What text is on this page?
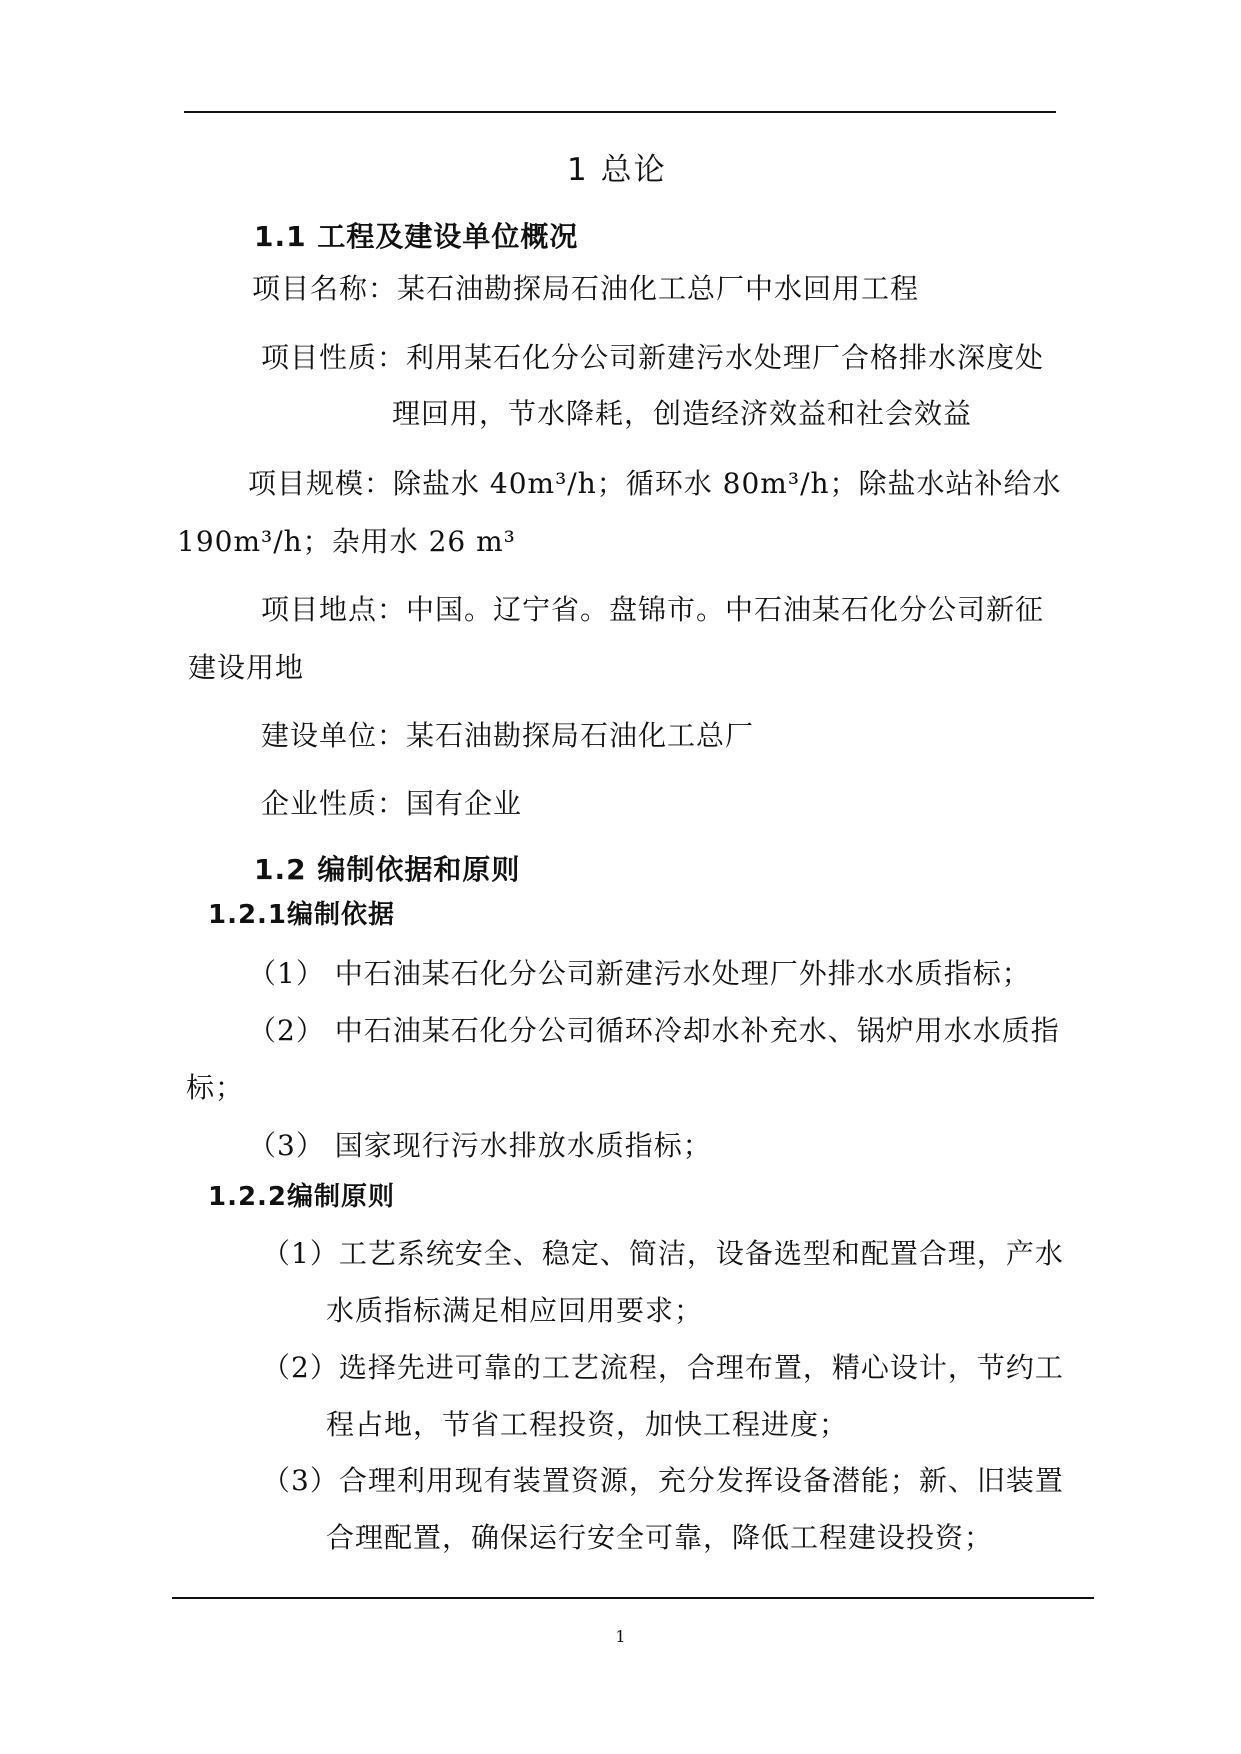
1 总论
1.1 工程及建设单位概况
项目名称：某石油勘探局石油化工总厂中水回用工程
项目性质：利用某石化分公司新建污水处理厂合格排水深度处
理回用，节水降耗，创造经济效益和社会效益
项目规模：除盐水 40m³/h；循环水 80m³/h；除盐水站补给水
190m³/h；杂用水 26 m³
项目地点：中国。辽宁省。盘锦市。中石油某石化分公司新征
建设用地
建设单位：某石油勘探局石油化工总厂
企业性质：国有企业
1.2 编制依据和原则
1.2.1编制依据
（1） 中石油某石化分公司新建污水处理厂外排水水质指标；
（2） 中石油某石化分公司循环冷却水补充水、锅炉用水水质指
标；
（3） 国家现行污水排放水质指标；
1.2.2编制原则
（1）工艺系统安全、稳定、简洁，设备选型和配置合理，产水
水质指标满足相应回用要求；
（2）选择先进可靠的工艺流程，合理布置，精心设计，节约工
程占地，节省工程投资，加快工程进度；
（3）合理利用现有装置资源，充分发挥设备潜能；新、旧装置
合理配置，确保运行安全可靠，降低工程建设投资；
1
